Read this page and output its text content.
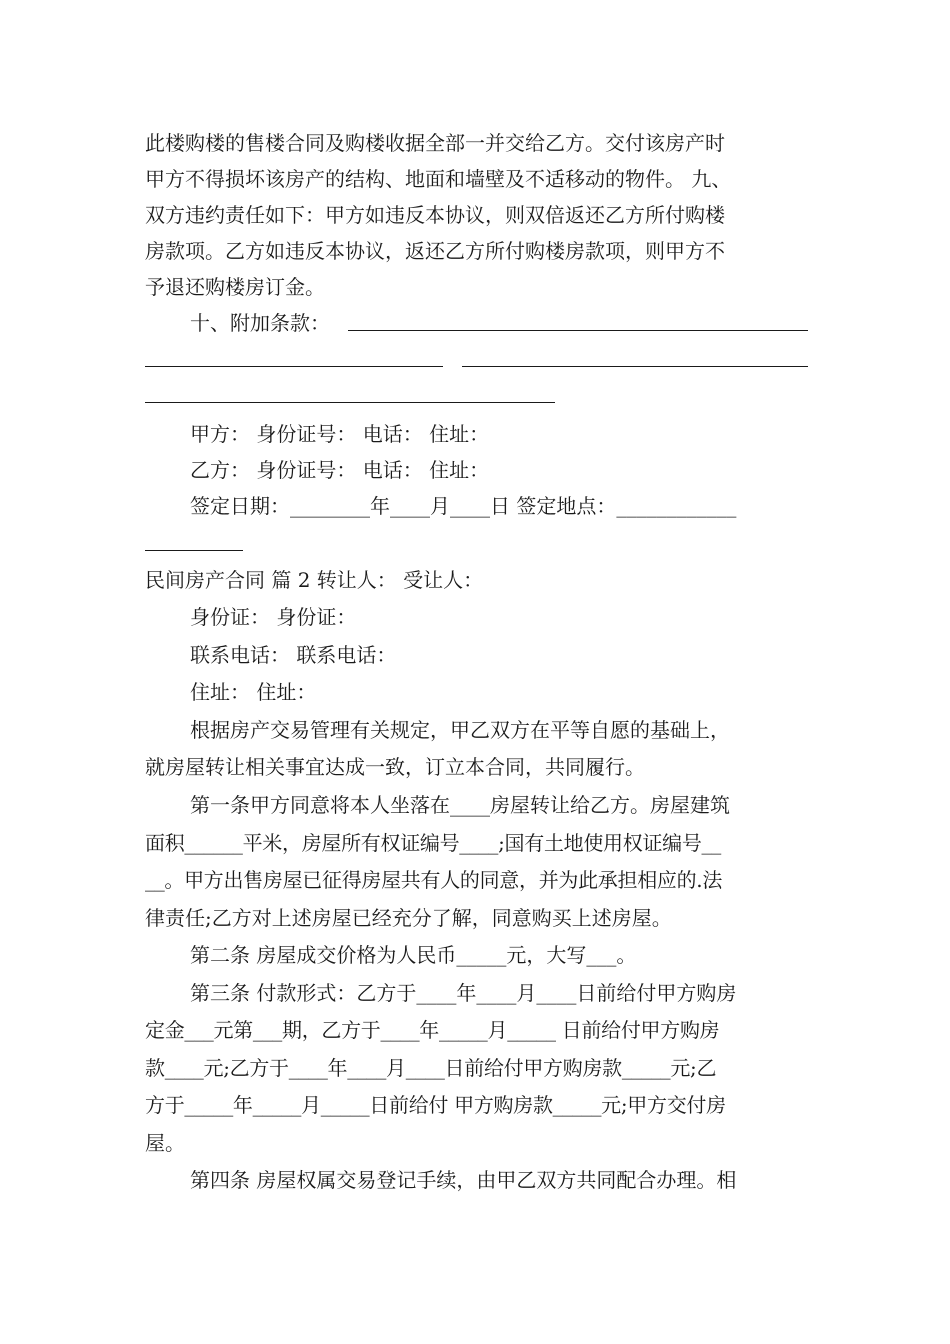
此楼购楼的售楼合同及购楼收据全部一并交给乙方。交付该房产时
甲方不得损坏该房产的结构、地面和墙壁及不适移动的物件。 九、
双方违约责任如下：甲方如违反本协议，则双倍返还乙方所付购楼
房款项。乙方如违反本协议，返还乙方所付购楼房款项，则甲方不
予退还购楼房订金。
十、附加条款：
甲方： 身份证号： 电话： 住址：
乙方： 身份证号： 电话： 住址：
签定日期：________年____月____日 签定地点：____________
民间房产合同 篇 2 转让人： 受让人：
身份证： 身份证：
联系电话： 联系电话：
住址： 住址：
根据房产交易管理有关规定，甲乙双方在平等自愿的基础上，
就房屋转让相关事宜达成一致，订立本合同，共同履行。
第一条甲方同意将本人坐落在____房屋转让给乙方。房屋建筑
面积______平米，房屋所有权证编号____;国有土地使用权证编号__
__。甲方出售房屋已征得房屋共有人的同意，并为此承担相应的.法
律责任;乙方对上述房屋已经充分了解，同意购买上述房屋。
第二条 房屋成交价格为人民币_____元，大写___。
第三条 付款形式：乙方于____年____月____日前给付甲方购房
定金___元第___期，乙方于____年_____月_____ 日前给付甲方购房
款____元;乙方于____年____月____日前给付甲方购房款_____元;乙
方于_____年_____月_____日前给付 甲方购房款_____元;甲方交付房
屋。
第四条 房屋权属交易登记手续，由甲乙双方共同配合办理。相
